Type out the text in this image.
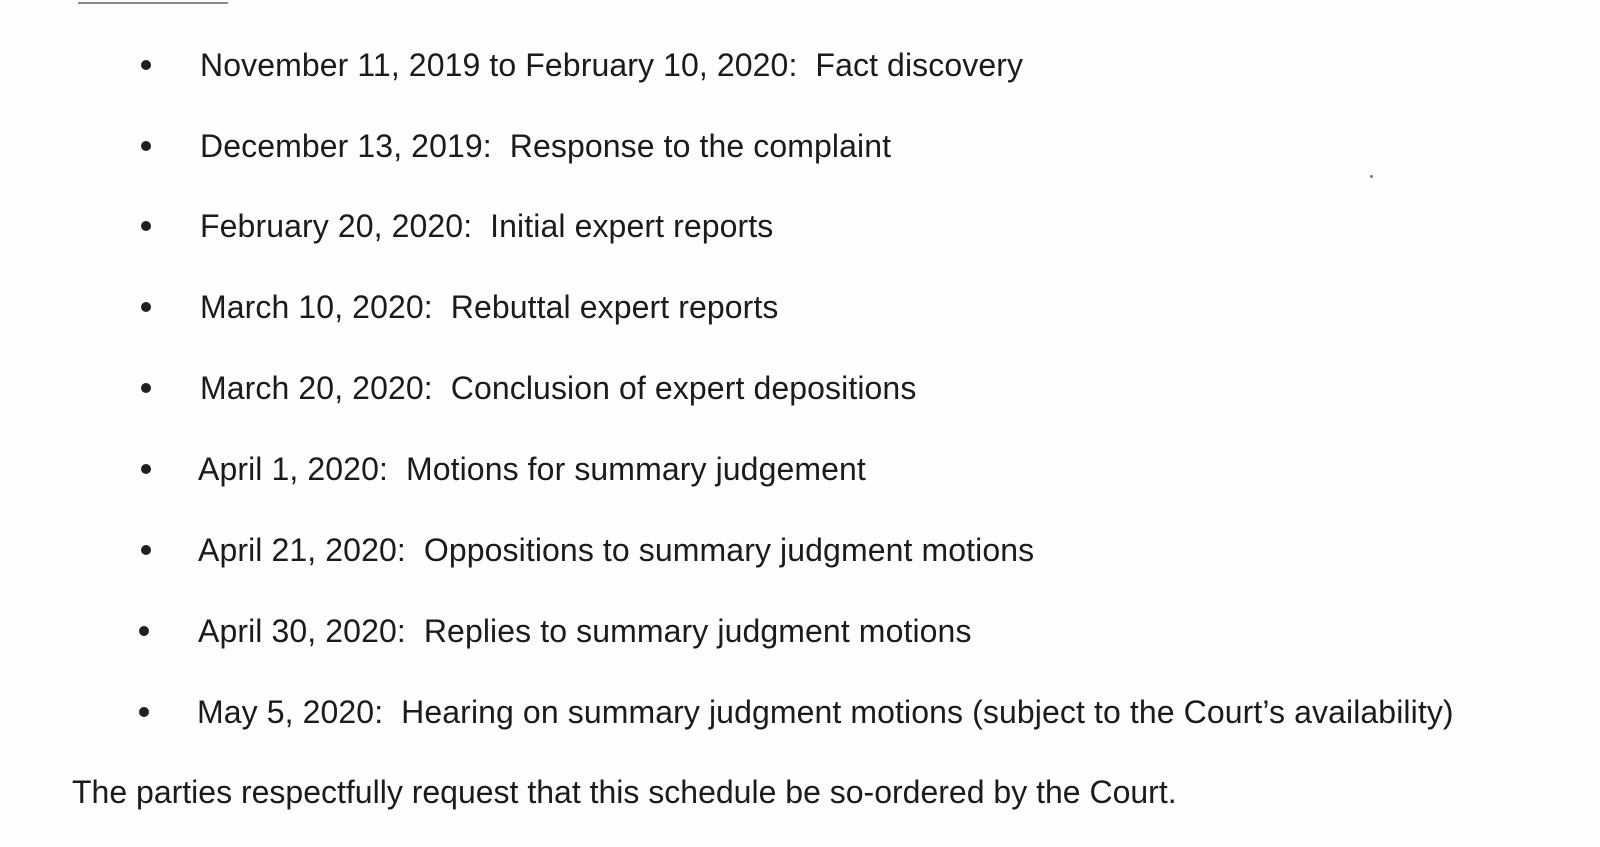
November 11, 2019 to February 10, 2020:  Fact discovery
December 13, 2019:  Response to the complaint
February 20, 2020:  Initial expert reports
March 10, 2020:  Rebuttal expert reports
March 20, 2020:  Conclusion of expert depositions
April 1, 2020:  Motions for summary judgement
April 21, 2020:  Oppositions to summary judgment motions
April 30, 2020:  Replies to summary judgment motions
May 5, 2020:  Hearing on summary judgment motions (subject to the Court’s availability)

The parties respectfully request that this schedule be so-ordered by the Court.
